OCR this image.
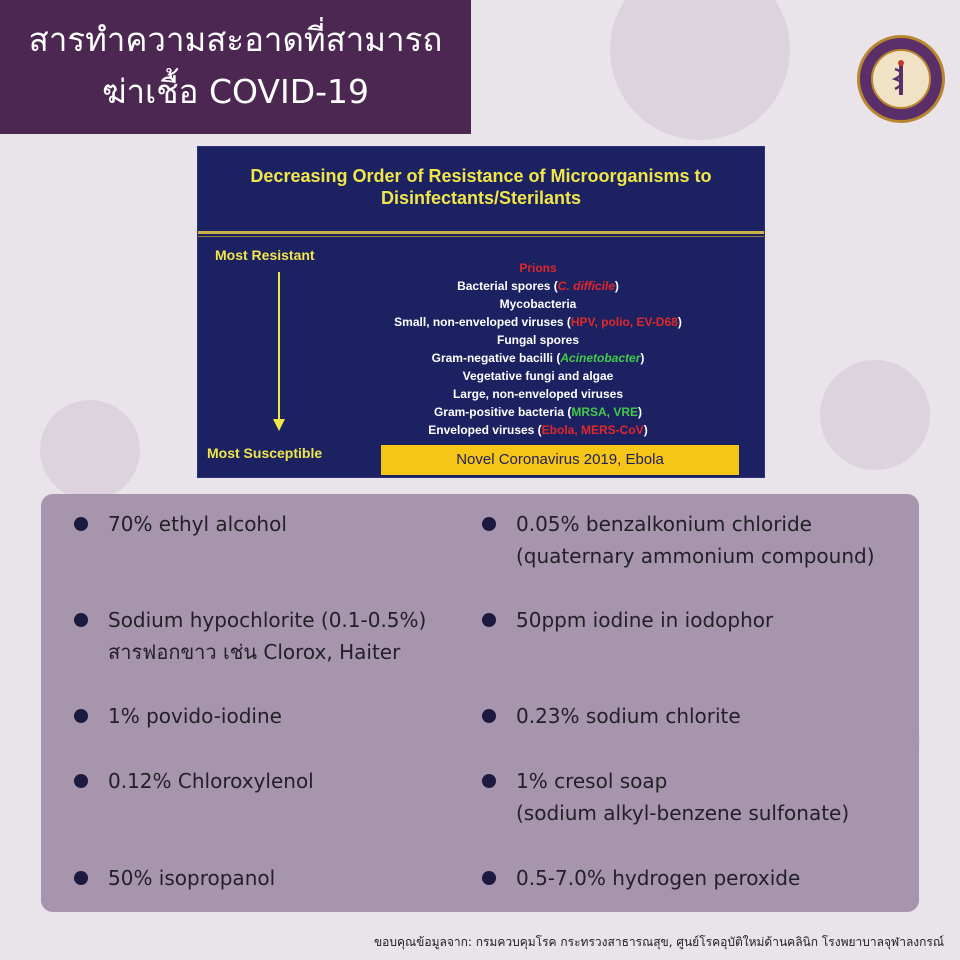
สารทำความสะอาดที่สามารถ
ฆ่าเชื้อ COVID-19
Decreasing Order of Resistance of Microorganisms to
Disinfectants/Sterilants
Most Resistant
Most Susceptible
Prions
Bacterial spores (C. difficile)
Mycobacteria
Small, non-enveloped viruses (HPV, polio, EV-D68)
Fungal spores
Gram-negative bacilli (Acinetobacter)
Vegetative fungi and algae
Large, non-enveloped viruses
Gram-positive bacteria (MRSA, VRE)
Enveloped viruses (Ebola, MERS-CoV)
Novel Coronavirus 2019, Ebola
70% ethyl alcohol
Sodium hypochlorite (0.1-0.5%)
สารฟอกขาว เช่น Clorox, Haiter
1% povido-iodine
0.12% Chloroxylenol
50% isopropanol
0.05% benzalkonium chloride
(quaternary ammonium compound)
50ppm iodine in iodophor
0.23% sodium chlorite
1% cresol soap
(sodium alkyl-benzene sulfonate)
0.5-7.0% hydrogen peroxide
ขอบคุณข้อมูลจาก: กรมควบคุมโรค กระทรวงสาธารณสุข, ศูนย์โรคอุบัติใหม่ด้านคลินิก โรงพยาบาลจุฬาลงกรณ์
